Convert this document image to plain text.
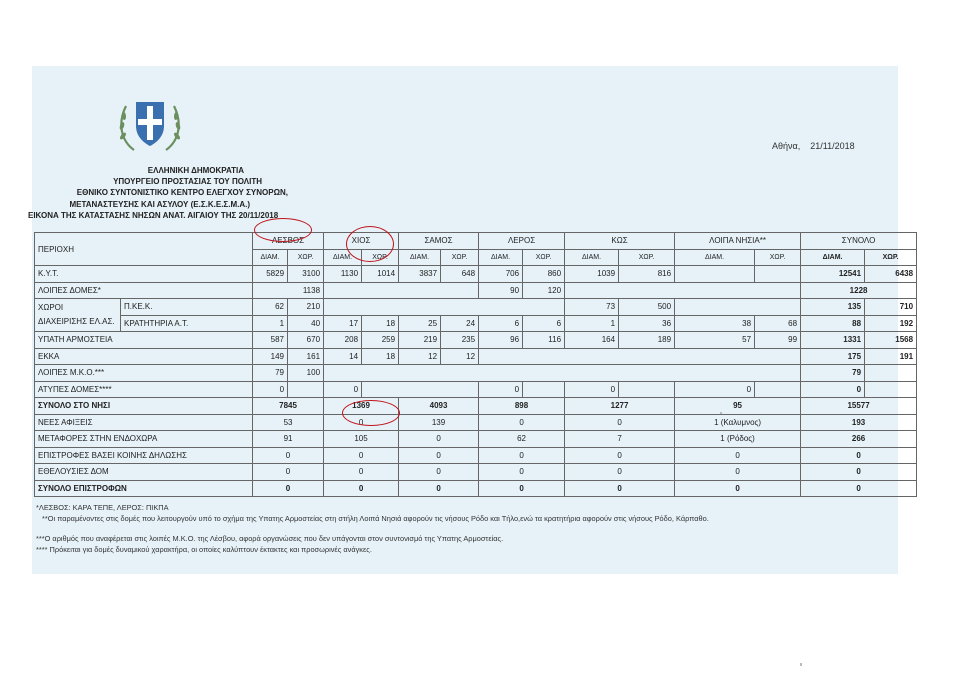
Αθήνα, 21/11/2018
ΕΛΛΗΝΙΚΗ ΔΗΜΟΚΡΑΤΙΑ
ΥΠΟΥΡΓΕΙΟ ΠΡΟΣΤΑΣΙΑΣ ΤΟΥ ΠΟΛΙΤΗ
ΕΘΝΙΚΟ ΣΥΝΤΟΝΙΣΤΙΚΟ ΚΕΝΤΡΟ ΕΛΕΓΧΟΥ ΣΥΝΟΡΩΝ,
ΜΕΤΑΝΑΣΤΕΥΣΗΣ ΚΑΙ ΑΣΥΛΟΥ (Ε.Σ.Κ.Ε.Σ.Μ.Α.)
ΕΙΚΟΝΑ ΤΗΣ ΚΑΤΑΣΤΑΣΗΣ ΝΗΣΩΝ ΑΝΑΤ. ΑΙΓΑΙΟΥ ΤΗΣ 20/11/2018
ΠΕΡΙΟΧΗ		ΛΕΣΒΟΣ		ΧΙΟΣ		ΣΑΜΟΣ		ΛΕΡΟΣ		ΚΩΣ		ΛΟΙΠΑ ΝΗΣΙΑ**		ΣΥΝΟΛΟ	
		ΔΙΑΜ.	ΧΩΡ.	ΔΙΑΜ.	ΧΩΡ.	ΔΙΑΜ.	ΧΩΡ.	ΔΙΑΜ.	ΧΩΡ.	ΔΙΑΜ.	ΧΩΡ.	ΔΙΑΜ.	ΧΩΡ.	ΔΙΑΜ.	ΧΩΡ.
Κ.Υ.Τ.		5829	3100	1130	1014	3837	648	706	860	1039	816			12541	6438
ΛΟΙΠΕΣ ΔΟΜΕΣ*		1138						90	120					1228	
ΧΩΡΟΙ
ΔΙΑΧΕΙΡΙΣΗΣ ΕΛ.ΑΣ.	Π.ΚΕ.Κ.	62	210							73	500			135	710
	ΚΡΑΤΗΤΗΡΙΑ Α.Τ.	1	40	17	18	25	24	6	6	1	36	38	68	88	192
ΥΠΑΤΗ ΑΡΜΟΣΤΕΙΑ		587	670	208	259	219	235	96	116	164	189	57	99	1331	1568
ΕΚΚΑ		149	161	14	18	12	12							175	191
ΛΟΙΠΕΣ Μ.Κ.Ο.***		79	100											79	
ΑΤΥΠΕΣ ΔΟΜΕΣ****		0		0				0		0		0		0	
ΣΥΝΟΛΟ ΣΤΟ ΝΗΣΙ		7845		1369		4093		898		1277		95		15577	
ΝΕΕΣ ΑΦΙΞΕΙΣ		53		0		139		0		0		1 (Καλυμνος)		193	
ΜΕΤΑΦΟΡΕΣ ΣΤΗΝ ΕΝΔΟΧΩΡΑ		91		105		0		62		7		1 (Ρόδος)		266	
ΕΠΙΣΤΡΟΦΕΣ ΒΑΣΕΙ ΚΟΙΝΗΣ ΔΗΛΩΣΗΣ		0		0		0		0		0		0		0	
ΕΘΕΛΟΥΣΙΕΣ ΔΟΜ		0		0		0		0		0		0		0	
ΣΥΝΟΛΟ ΕΠΙΣΤΡΟΦΩΝ		0		0		0		0		0		0		0	
*ΛΕΣΒΟΣ: ΚΑΡΑ ΤΕΠΕ, ΛΕΡΟΣ: ΠΙΚΠΑ
**Οι παραμένοντες στις δομές που λειτουργούν υπό το σχήμα της Υπατης Αρμοστείας στη στήλη Λοιπά Νησιά αφορούν τις νήσους Ρόδο και Τήλο,ενώ τα κρατητήρια αφορούν στις νήσους Ρόδο, Κάρπαθο.
***Ο αριθμός που αναφέρεται στις λοιπές Μ.Κ.Ο. της Λέσβου, αφορά οργανώσεις που δεν υπάγονται στον συντονισμό της Υπατης Αρμοστείας.
**** Πρόκειται για δομές δυναμικού χαρακτήρα, οι οποίες καλύπτουν έκτακτες και προσωρινές ανάγκες.
